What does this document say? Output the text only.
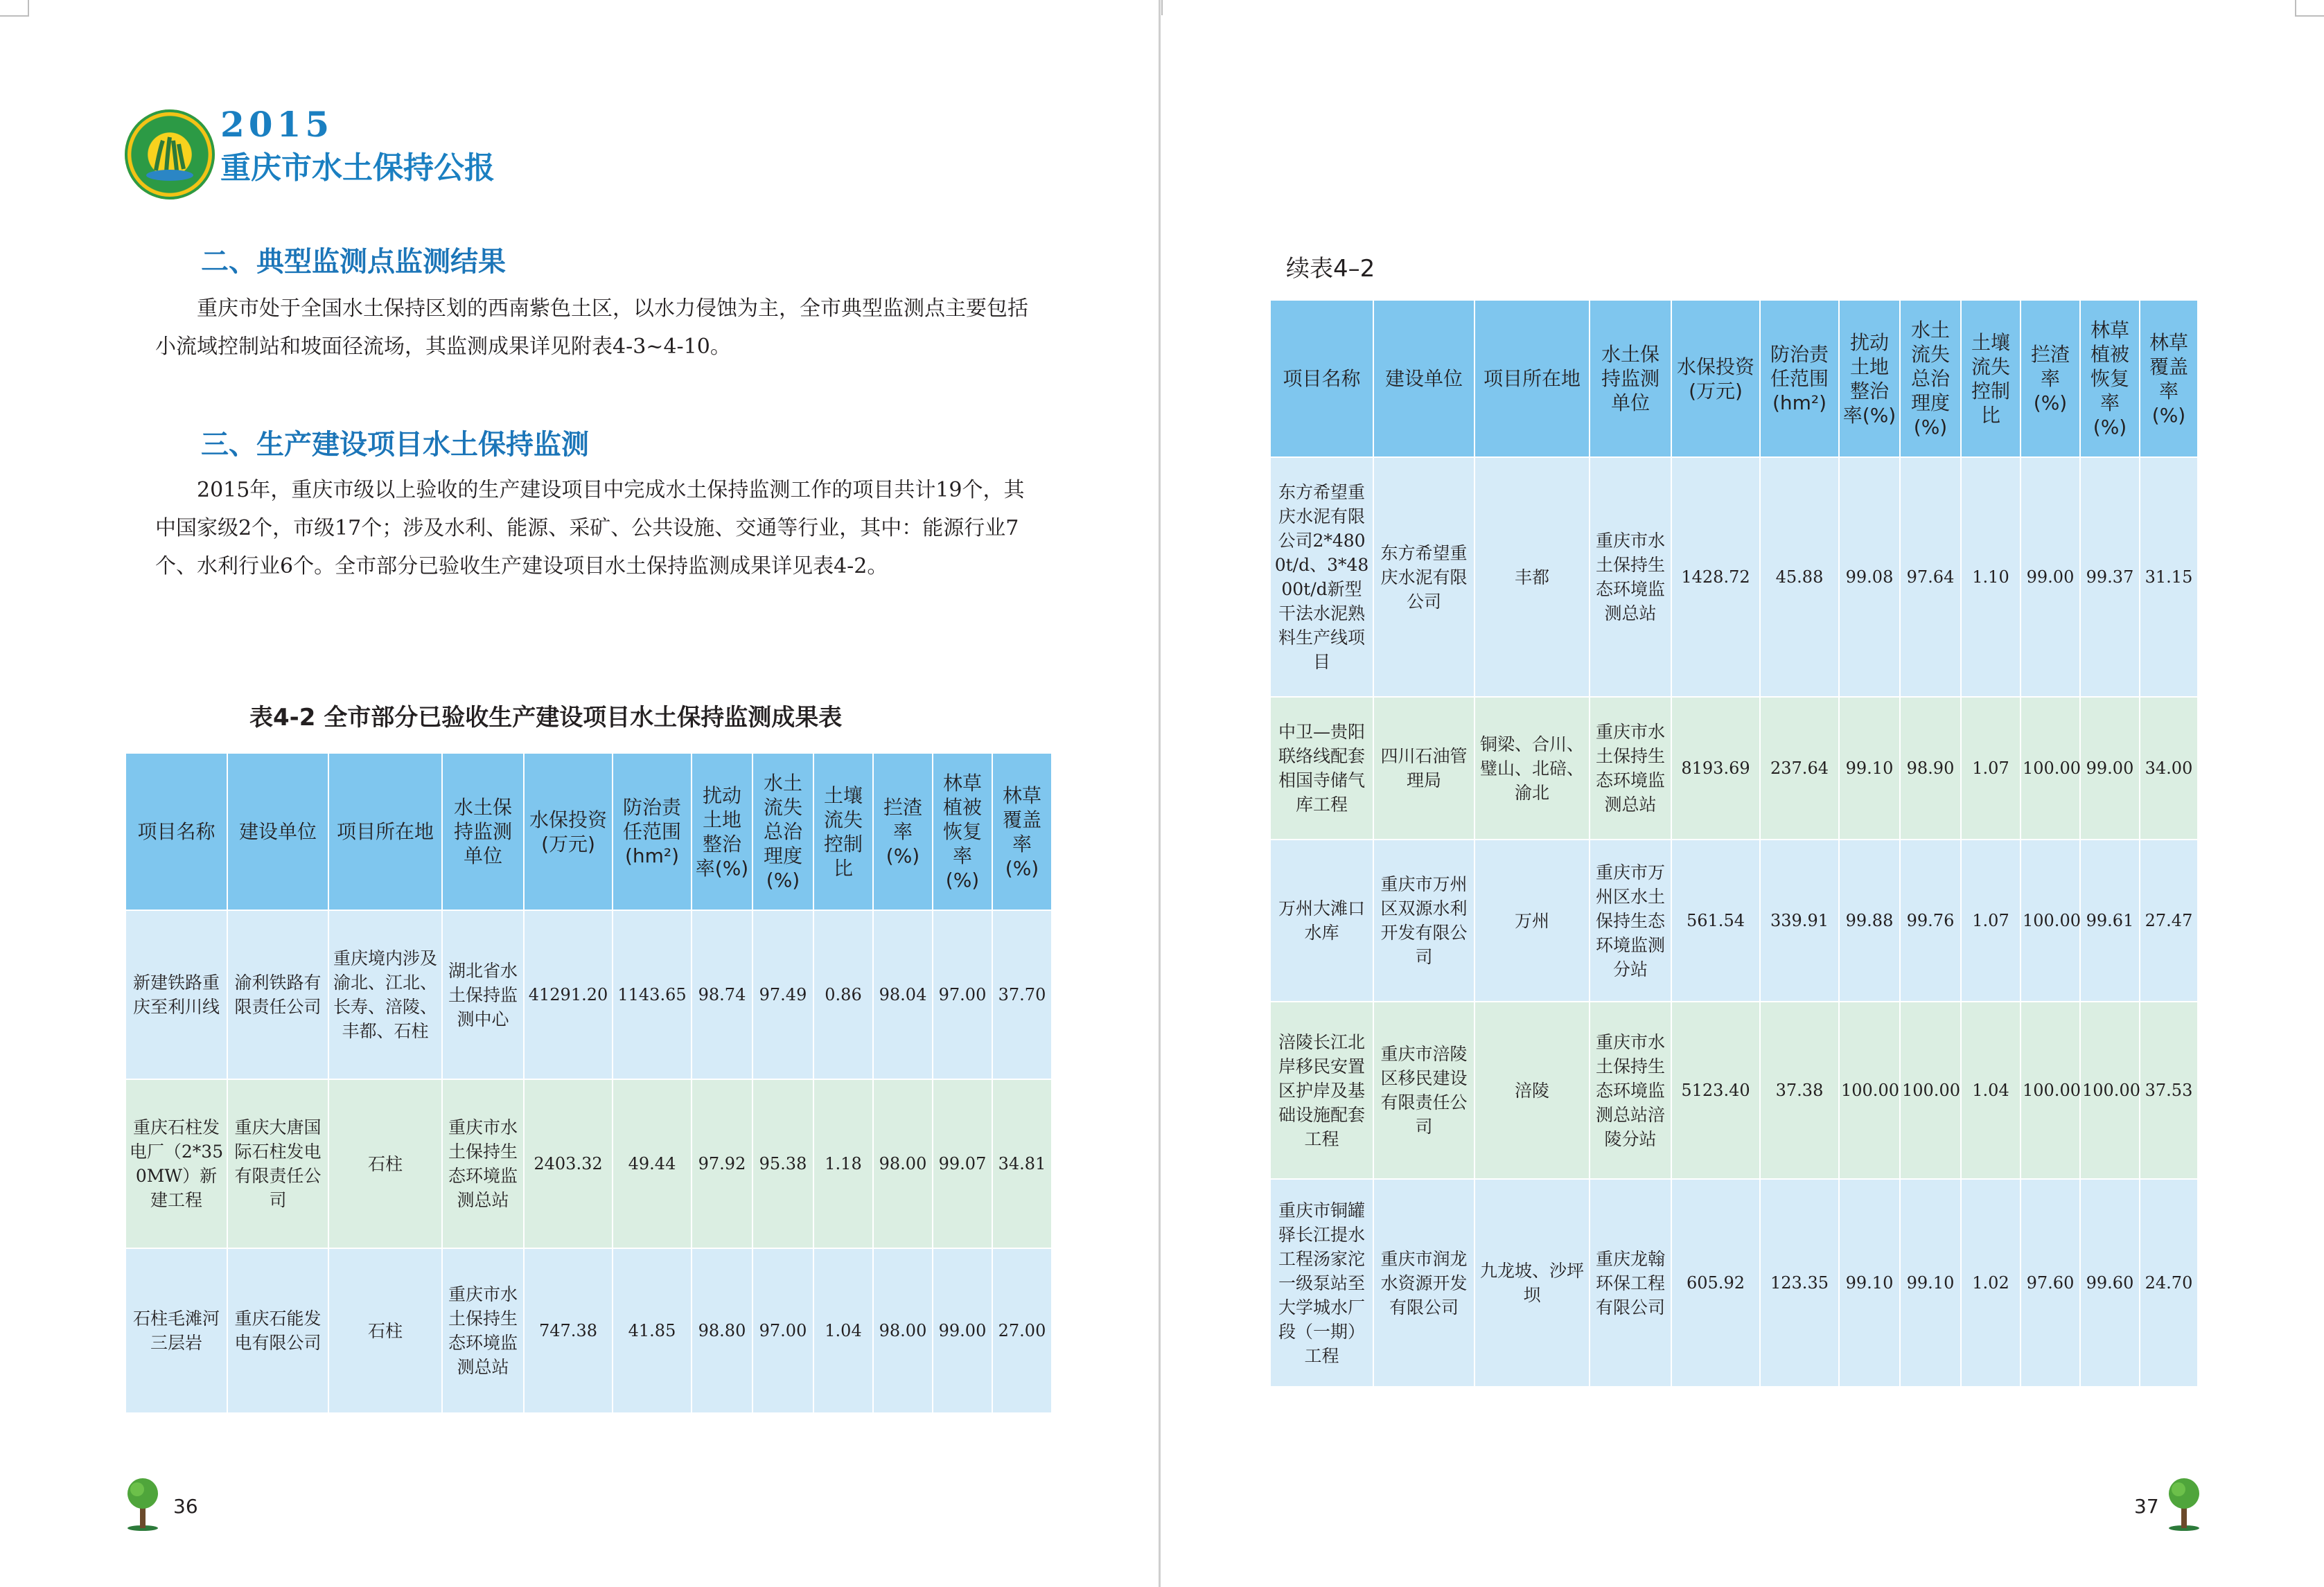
2015
重庆市水土保持公报
二、典型监测点监测结果

重庆市处于全国水土保持区划的西南紫色土区，以水力侵蚀为主，全市典型监测点主要包括小流域控制站和坡面径流场，其监测成果详见附表4-3~4-10。

三、生产建设项目水土保持监测

2015年，重庆市级以上验收的生产建设项目中完成水土保持监测工作的项目共计19个，其中国家级2个，市级17个；涉及水利、能源、采矿、公共设施、交通等行业，其中：能源行业7个、水利行业6个。全市部分已验收生产建设项目水土保持监测成果详见表4-2。

表4-2 全市部分已验收生产建设项目水土保持监测成果表
项目名称	建设单位	项目所在地	水土保持监测单位	水保投资(万元)	防治责任范围(hm²)	扰动土地整治率(%)	水土流失总治理度(%)	土壤流失控制比	拦渣率(%)	林草植被恢复率(%)	林草覆盖率(%)
新建铁路重庆至利川线	渝利铁路有限责任公司	重庆境内涉及渝北、江北、长寿、涪陵、丰都、石柱	湖北省水土保持监测中心	41291.20	1143.65	98.74	97.49	0.86	98.04	97.00	37.70
重庆石柱发电厂（2*350MW）新建工程	重庆大唐国际石柱发电有限责任公司	石柱	重庆市水土保持生态环境监测总站	2403.32	49.44	97.92	95.38	1.18	98.00	99.07	34.81
石柱毛滩河三层岩	重庆石能发电有限公司	石柱	重庆市水土保持生态环境监测总站	747.38	41.85	98.80	97.00	1.04	98.00	99.00	27.00
续表4–2
项目名称	建设单位	项目所在地	水土保持监测单位	水保投资(万元)	防治责任范围(hm²)	扰动土地整治率(%)	水土流失总治理度(%)	土壤流失控制比	拦渣率(%)	林草植被恢复率(%)	林草覆盖率(%)
东方希望重庆水泥有限公司2*4800t/d、3*4800t/d新型干法水泥熟料生产线项目	东方希望重庆水泥有限公司	丰都	重庆市水土保持生态环境监测总站	1428.72	45.88	99.08	97.64	1.10	99.00	99.37	31.15
中卫—贵阳联络线配套相国寺储气库工程	四川石油管理局	铜梁、合川、璧山、北碚、渝北	重庆市水土保持生态环境监测总站	8193.69	237.64	99.10	98.90	1.07	100.00	99.00	34.00
万州大滩口水库	重庆市万州区双源水利开发有限公司	万州	重庆市万州区水土保持生态环境监测分站	561.54	339.91	99.88	99.76	1.07	100.00	99.61	27.47
涪陵长江北岸移民安置区护岸及基础设施配套工程	重庆市涪陵区移民建设有限责任公司	涪陵	重庆市水土保持生态环境监测总站涪陵分站	5123.40	37.38	100.00	100.00	1.04	100.00	100.00	37.53
重庆市铜罐驿长江提水工程汤家沱一级泵站至大学城水厂段（一期）工程	重庆市润龙水资源开发有限公司	九龙坡、沙坪坝	重庆龙翰环保工程有限公司	605.92	123.35	99.10	99.10	1.02	97.60	99.60	24.70
36	37
